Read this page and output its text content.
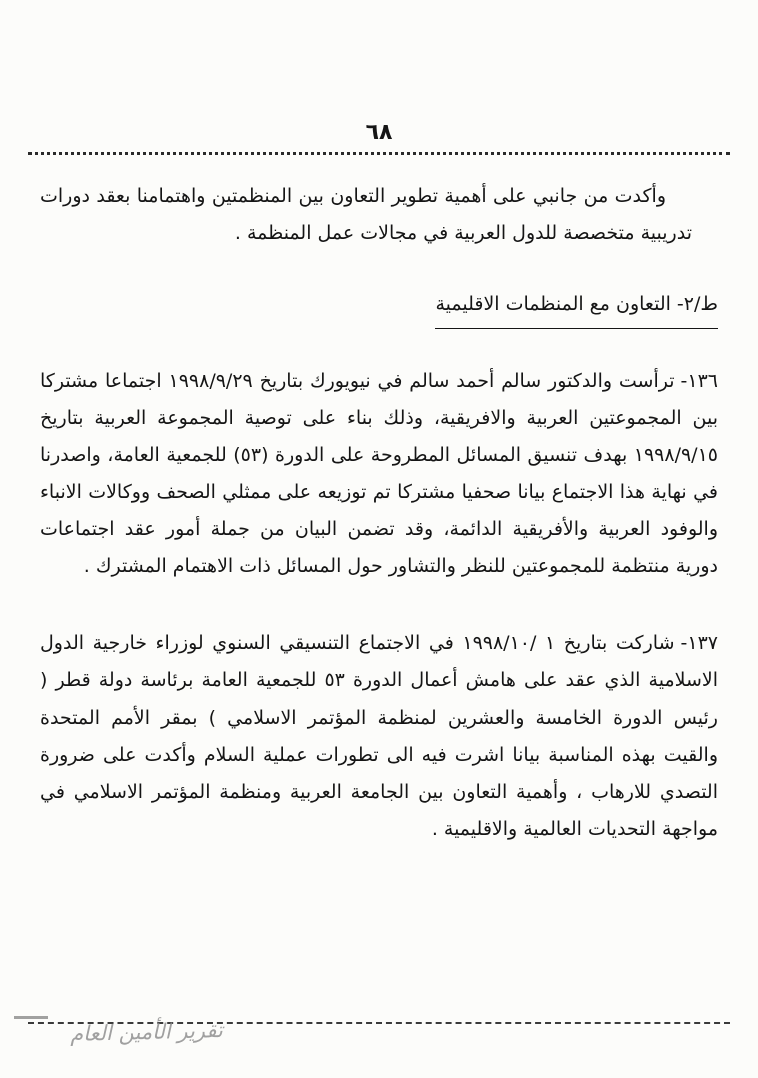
٦٨

وأكدت من جانبي على أهمية تطوير التعاون بين المنظمتين واهتمامنا بعقد دورات تدريبية متخصصة للدول العربية في مجالات عمل المنظمة .

ط/٢- التعاون مع المنظمات الاقليمية

١٣٦-ترأست والدكتور سالم أحمد سالم في نيويورك بتاريخ ١٩٩٨/٩/٢٩ اجتماعا مشتركا بين المجموعتين العربية والافريقية، وذلك بناء على توصية المجموعة العربية بتاريخ ١٩٩٨/٩/١٥ بهدف تنسيق المسائل المطروحة على الدورة (٥٣) للجمعية العامة، واصدرنا في نهاية هذا الاجتماع بيانا صحفيا مشتركا تم توزيعه على ممثلي الصحف ووكالات الانباء والوفود العربية والأفريقية الدائمة، وقد تضمن البيان من جملة أمور عقد اجتماعات دورية منتظمة للمجموعتين للنظر والتشاور حول المسائل ذات الاهتمام المشترك .

١٣٧-شاركت بتاريخ ١ /١٩٩٨/١٠ في الاجتماع التنسيقي السنوي لوزراء خارجية الدول الاسلامية الذي عقد على هامش أعمال الدورة ٥٣ للجمعية العامة برئاسة دولة قطر ( رئيس الدورة الخامسة والعشرين لمنظمة المؤتمر الاسلامي ) بمقر الأمم المتحدة والقيت بهذه المناسبة بيانا اشرت فيه الى تطورات عملية السلام وأكدت على ضرورة التصدي للارهاب ، وأهمية التعاون بين الجامعة العربية ومنظمة المؤتمر الاسلامي في مواجهة التحديات العالمية والاقليمية .

تقرير الأمين العام
